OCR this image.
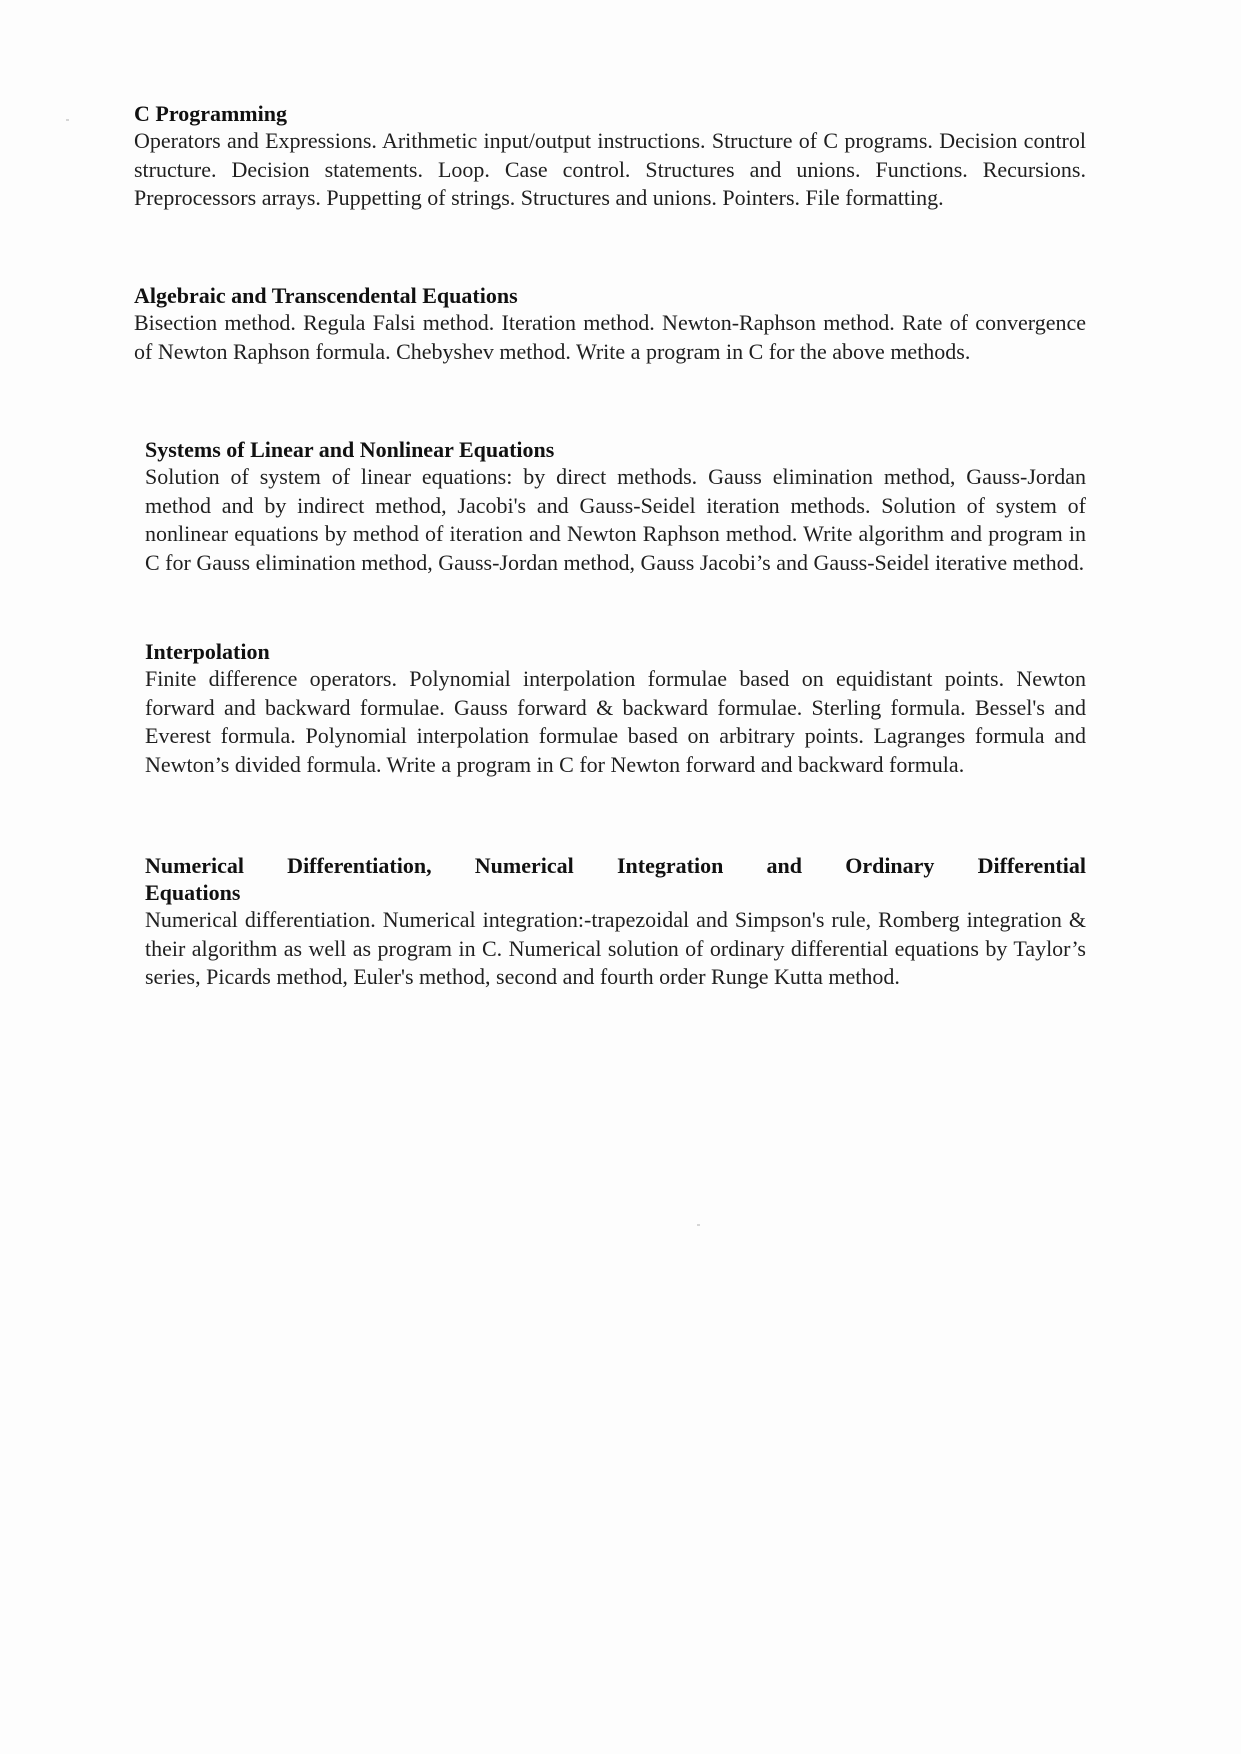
C Programming

Operators and Expressions. Arithmetic input/output instructions. Structure of C programs. Decision control structure. Decision statements. Loop. Case control. Structures and unions. Functions. Recursions. Preprocessors arrays. Puppetting of strings. Structures and unions. Pointers. File formatting.

Algebraic and Transcendental Equations

Bisection method. Regula Falsi method. Iteration method. Newton-Raphson method. Rate of convergence of Newton Raphson formula. Chebyshev method. Write a program in C for the above methods.

Systems of Linear and Nonlinear Equations

Solution of system of linear equations: by direct methods. Gauss elimination method, Gauss-Jordan method and by indirect method, Jacobi's and Gauss-Seidel iteration methods. Solution of system of nonlinear equations by method of iteration and Newton Raphson method. Write algorithm and program in C for Gauss elimination method, Gauss-Jordan method, Gauss Jacobi’s and Gauss-Seidel iterative method.

Interpolation

Finite difference operators. Polynomial interpolation formulae based on equidistant points. Newton forward and backward formulae. Gauss forward & backward formulae. Sterling formula. Bessel's and Everest formula. Polynomial interpolation formulae based on arbitrary points. Lagranges formula and Newton’s divided formula. Write a program in C for Newton forward and backward formula.

Numerical Differentiation, Numerical Integration and Ordinary Differential

Equations

Numerical differentiation. Numerical integration:-trapezoidal and Simpson's rule, Romberg integration & their algorithm as well as program in C. Numerical solution of ordinary differential equations by Taylor’s series, Picards method, Euler's method, second and fourth order Runge Kutta method.
